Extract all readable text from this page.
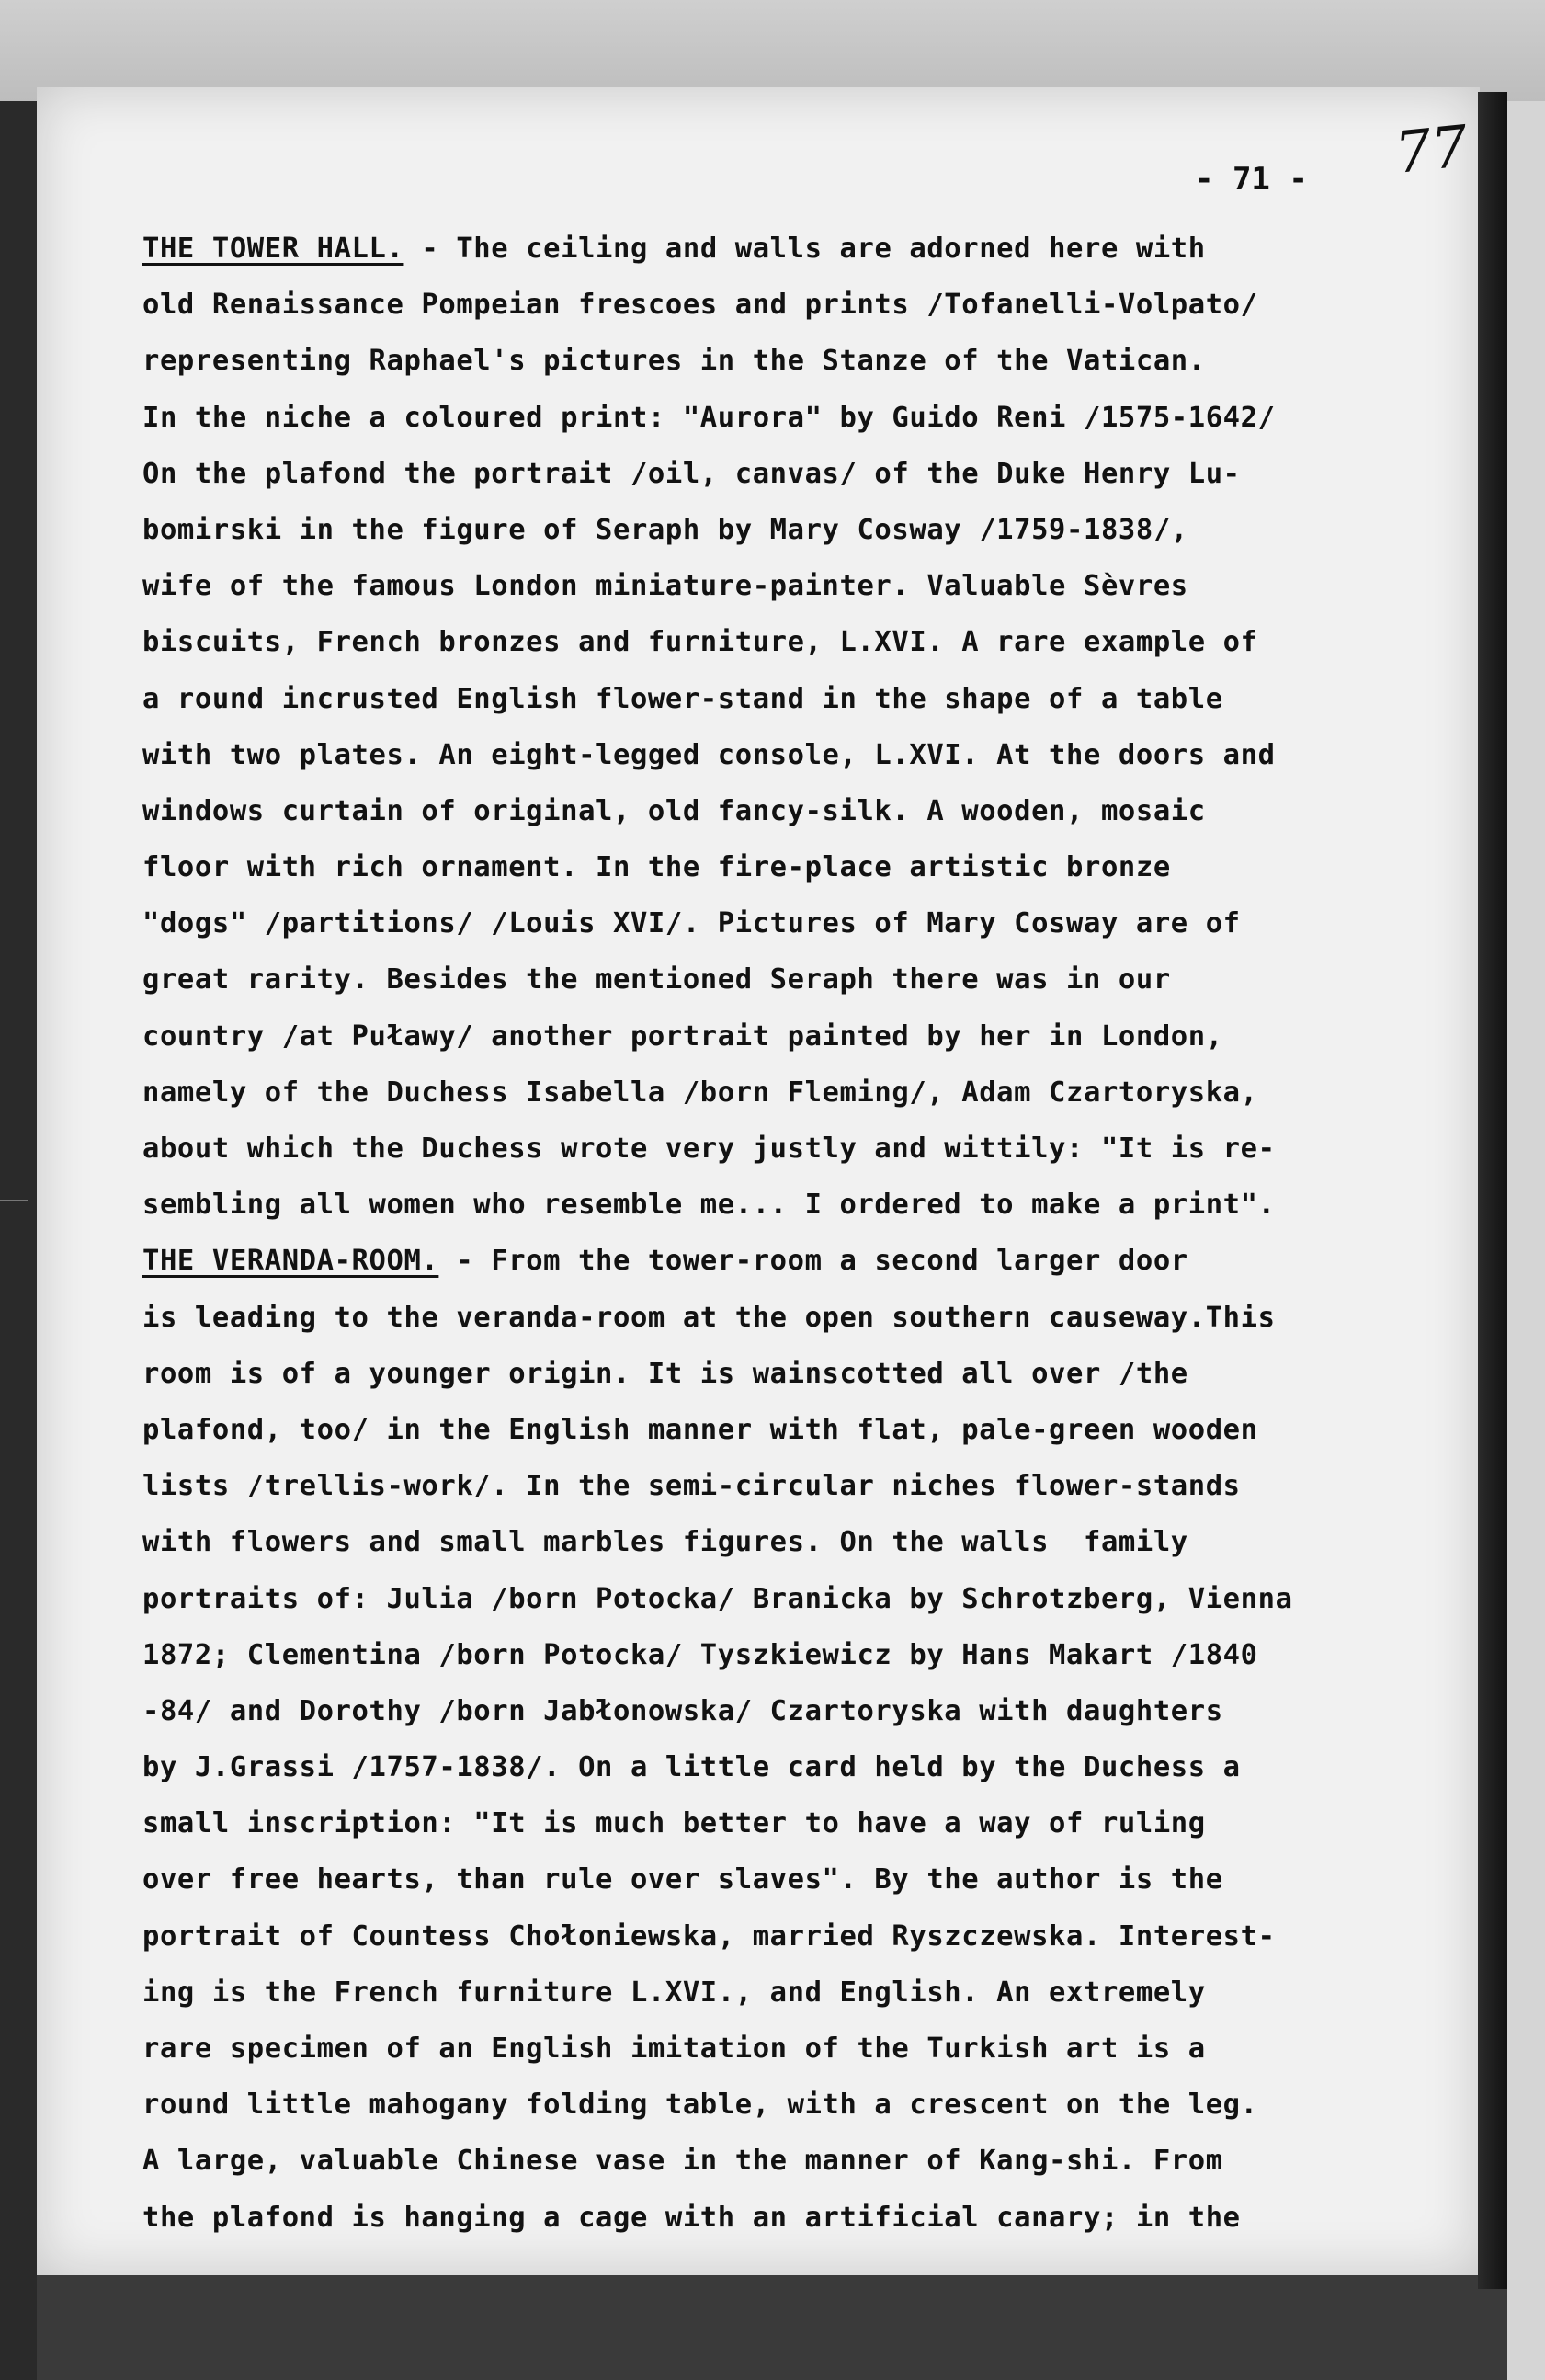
77
- 71 -
THE TOWER HALL. - The ceiling and walls are adorned here with
old Renaissance Pompeian frescoes and prints /Tofanelli-Volpato/
representing Raphael's pictures in the Stanze of the Vatican.
In the niche a coloured print: "Aurora" by Guido Reni /1575-1642/
On the plafond the portrait /oil, canvas/ of the Duke Henry Lu-
bomirski in the figure of Seraph by Mary Cosway /1759-1838/,
wife of the famous London miniature-painter. Valuable Sèvres
biscuits, French bronzes and furniture, L.XVI. A rare example of
a round incrusted English flower-stand in the shape of a table
with two plates. An eight-legged console, L.XVI. At the doors and
windows curtain of original, old fancy-silk. A wooden, mosaic
floor with rich ornament. In the fire-place artistic bronze
"dogs" /partitions/ /Louis XVI/. Pictures of Mary Cosway are of
great rarity. Besides the mentioned Seraph there was in our
country /at Puławy/ another portrait painted by her in London,
namely of the Duchess Isabella /born Fleming/, Adam Czartoryska,
about which the Duchess wrote very justly and wittily: "It is re-
sembling all women who resemble me... I ordered to make a print".
THE VERANDA-ROOM. - From the tower-room a second larger door
is leading to the veranda-room at the open southern causeway.This
room is of a younger origin. It is wainscotted all over /the
plafond, too/ in the English manner with flat, pale-green wooden
lists /trellis-work/. In the semi-circular niches flower-stands
with flowers and small marbles figures. On the walls  family
portraits of: Julia /born Potocka/ Branicka by Schrotzberg, Vienna
1872; Clementina /born Potocka/ Tyszkiewicz by Hans Makart /1840
-84/ and Dorothy /born Jabłonowska/ Czartoryska with daughters
by J.Grassi /1757-1838/. On a little card held by the Duchess a
small inscription: "It is much better to have a way of ruling
over free hearts, than rule over slaves". By the author is the
portrait of Countess Chołoniewska, married Ryszczewska. Interest-
ing is the French furniture L.XVI., and English. An extremely
rare specimen of an English imitation of the Turkish art is a
round little mahogany folding table, with a crescent on the leg.
A large, valuable Chinese vase in the manner of Kang-shi. From
the plafond is hanging a cage with an artificial canary; in the
